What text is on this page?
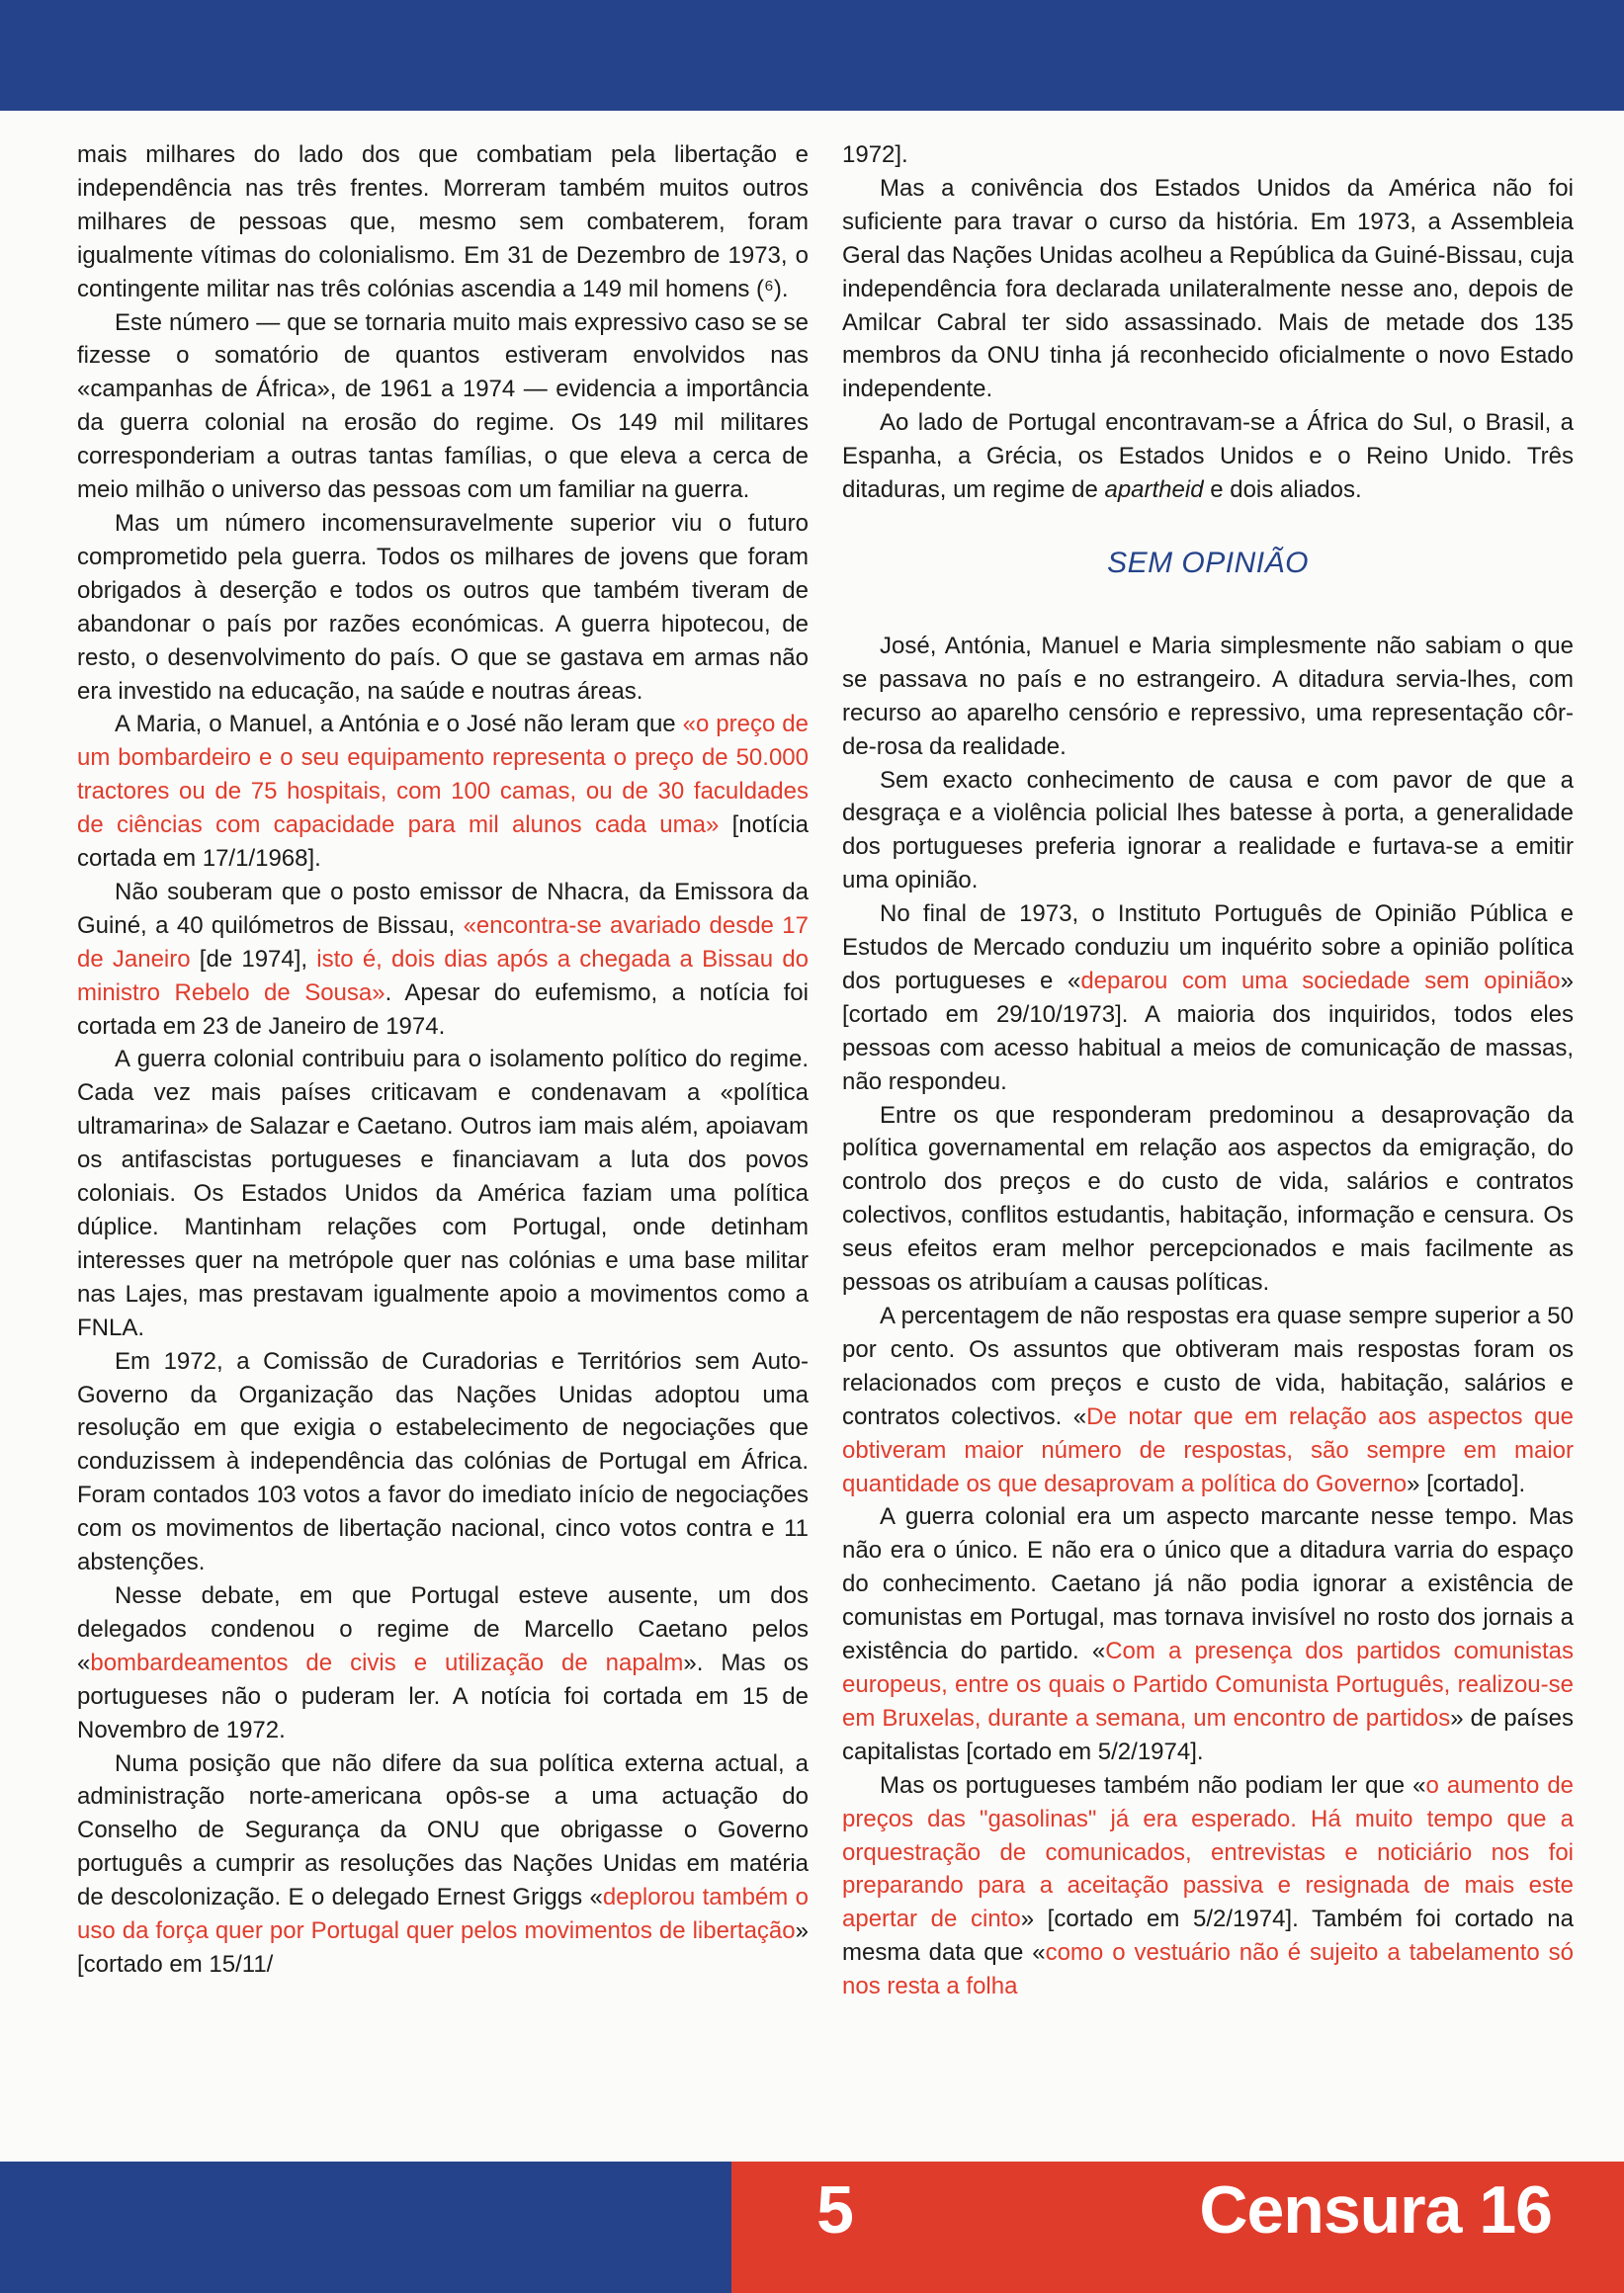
mais milhares do lado dos que combatiam pela libertação e independência nas três frentes. Morreram também muitos outros milhares de pessoas que, mesmo sem combaterem, foram igualmente vítimas do colonialismo. Em 31 de Dezembro de 1973, o contingente militar nas três colónias ascendia a 149 mil homens (⁶).

Este número — que se tornaria muito mais expressivo caso se se fizesse o somatório de quantos estiveram envolvidos nas «campanhas de África», de 1961 a 1974 — evidencia a importância da guerra colonial na erosão do regime. Os 149 mil militares corresponderiam a outras tantas famílias, o que eleva a cerca de meio milhão o universo das pessoas com um familiar na guerra.

Mas um número incomensuravelmente superior viu o futuro comprometido pela guerra. Todos os milhares de jovens que foram obrigados à deserção e todos os outros que também tiveram de abandonar o país por razões económicas. A guerra hipotecou, de resto, o desenvolvimento do país. O que se gastava em armas não era investido na educação, na saúde e noutras áreas.

A Maria, o Manuel, a Antónia e o José não leram que «o preço de um bombardeiro e o seu equipamento representa o preço de 50.000 tractores ou de 75 hospitais, com 100 camas, ou de 30 faculdades de ciências com capacidade para mil alunos cada uma» [notícia cortada em 17/1/1968].

Não souberam que o posto emissor de Nhacra, da Emissora da Guiné, a 40 quilómetros de Bissau, «encontra-se avariado desde 17 de Janeiro [de 1974], isto é, dois dias após a chegada a Bissau do ministro Rebelo de Sousa». Apesar do eufemismo, a notícia foi cortada em 23 de Janeiro de 1974.

A guerra colonial contribuiu para o isolamento político do regime. Cada vez mais países criticavam e condenavam a «política ultramarina» de Salazar e Caetano. Outros iam mais além, apoiavam os antifascistas portugueses e financiavam a luta dos povos coloniais. Os Estados Unidos da América faziam uma política dúplice. Mantinham relações com Portugal, onde detinham interesses quer na metrópole quer nas colónias e uma base militar nas Lajes, mas prestavam igualmente apoio a movimentos como a FNLA.

Em 1972, a Comissão de Curadorias e Territórios sem Auto-Governo da Organização das Nações Unidas adoptou uma resolução em que exigia o estabelecimento de negociações que conduzissem à independência das colónias de Portugal em África. Foram contados 103 votos a favor do imediato início de negociações com os movimentos de libertação nacional, cinco votos contra e 11 abstenções.

Nesse debate, em que Portugal esteve ausente, um dos delegados condenou o regime de Marcello Caetano pelos «bombardeamentos de civis e utilização de napalm». Mas os portugueses não o puderam ler. A notícia foi cortada em 15 de Novembro de 1972.

Numa posição que não difere da sua política externa actual, a administração norte-americana opôs-se a uma actuação do Conselho de Segurança da ONU que obrigasse o Governo português a cumprir as resoluções das Nações Unidas em matéria de descolonização. E o delegado Ernest Griggs «deplorou também o uso da força quer por Portugal quer pelos movimentos de libertação» [cortado em 15/11/

1972].

Mas a conivência dos Estados Unidos da América não foi suficiente para travar o curso da história. Em 1973, a Assembleia Geral das Nações Unidas acolheu a República da Guiné-Bissau, cuja independência fora declarada unilateralmente nesse ano, depois de Amilcar Cabral ter sido assassinado. Mais de metade dos 135 membros da ONU tinha já reconhecido oficialmente o novo Estado independente.

Ao lado de Portugal encontravam-se a África do Sul, o Brasil, a Espanha, a Grécia, os Estados Unidos e o Reino Unido. Três ditaduras, um regime de apartheid e dois aliados.

SEM OPINIÃO

José, Antónia, Manuel e Maria simplesmente não sabiam o que se passava no país e no estrangeiro. A ditadura servia-lhes, com recurso ao aparelho censório e repressivo, uma representação côr-de-rosa da realidade.

Sem exacto conhecimento de causa e com pavor de que a desgraça e a violência policial lhes batesse à porta, a generalidade dos portugueses preferia ignorar a realidade e furtava-se a emitir uma opinião.

No final de 1973, o Instituto Português de Opinião Pública e Estudos de Mercado conduziu um inquérito sobre a opinião política dos portugueses e «deparou com uma sociedade sem opinião» [cortado em 29/10/1973]. A maioria dos inquiridos, todos eles pessoas com acesso habitual a meios de comunicação de massas, não respondeu.

Entre os que responderam predominou a desaprovação da política governamental em relação aos aspectos da emigração, do controlo dos preços e do custo de vida, salários e contratos colectivos, conflitos estudantis, habitação, informação e censura. Os seus efeitos eram melhor percepcionados e mais facilmente as pessoas os atribuíam a causas políticas.

A percentagem de não respostas era quase sempre superior a 50 por cento. Os assuntos que obtiveram mais respostas foram os relacionados com preços e custo de vida, habitação, salários e contratos colectivos. «De notar que em relação aos aspectos que obtiveram maior número de respostas, são sempre em maior quantidade os que desaprovam a política do Governo» [cortado].

A guerra colonial era um aspecto marcante nesse tempo. Mas não era o único. E não era o único que a ditadura varria do espaço do conhecimento. Caetano já não podia ignorar a existência de comunistas em Portugal, mas tornava invisível no rosto dos jornais a existência do partido. «Com a presença dos partidos comunistas europeus, entre os quais o Partido Comunista Português, realizou-se em Bruxelas, durante a semana, um encontro de partidos» de países capitalistas [cortado em 5/2/1974].

Mas os portugueses também não podiam ler que «o aumento de preços das "gasolinas" já era esperado. Há muito tempo que a orquestração de comunicados, entrevistas e noticiário nos foi preparando para a aceitação passiva e resignada de mais este apertar de cinto» [cortado em 5/2/1974]. Também foi cortado na mesma data que «como o vestuário não é sujeito a tabelamento só nos resta a folha

5	Censura 16
